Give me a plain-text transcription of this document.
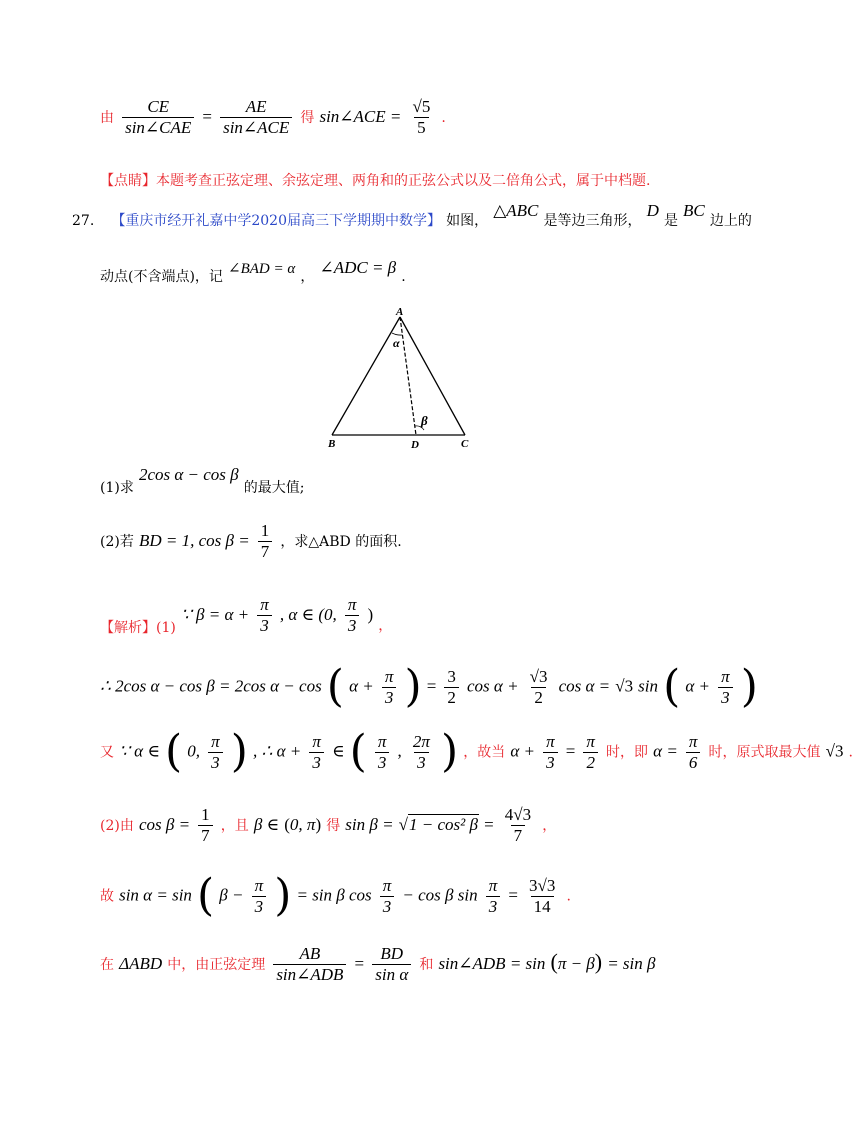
由 $\frac{CE}{\text{sin∠CAE}} = \frac{AE}{\text{sin∠ACE}}$ 得 sin∠ACE = $\frac{√5}{5}$ .
【点睛】本题考查正弦定理、余弦定理、两角和的正弦公式以及二倍角公式，属于中档题.
27. 【重庆市经开礼嘉中学2020届高三下学期期中数学】 如图， △ABC 是等边三角形， D 是 BC 边上的
动点(不含端点)，记 ∠BAD = α ， ∠ADC = β .
A
B	C
D
α
β
(1)求 2cos α − cos β 的最大值;
(2)若 BD = 1, $\cos \beta = \frac{1}{7}$ ，求△ABD 的面积.
【解析】(1) ∵ $\beta = \alpha + \frac{\pi}{3}$ , α ∈ (0, $\frac{\pi}{3}$ ) ，
∴ 2cos α − cos β = 2cos α − cos ( $\alpha + \frac{\pi}{3}$ ) = $\frac{3}{2}$ $\cos \alpha + \frac{√3}{2}$ cos α = √3 sin ( $\alpha + \frac{\pi}{3}$ )
又 ∵ α ∈ ( 0, $\frac{\pi}{3}$ ) , ∴ $\alpha + \frac{\pi}{3}$ ∈ ( $\frac{\pi}{3}$ , $\frac{2\pi}{3}$ ) ，故当 $\alpha + \frac{\pi}{3} = \frac{\pi}{2}$ 时，即 $\alpha = \frac{\pi}{6}$ 时，原式取最大值 √3 .
(2)由 $\cos \beta = \frac{1}{7}$ ，且 β ∈ (0, π) 得 sin β = √ 1 − cos² $\beta = \frac{4√3}{7}$ ，
故 sin α = sin ( $\beta - \frac{\pi}{3}$ ) = sin β $\cos \frac{\pi}{3} - \cos \beta$ $\sin \frac{\pi}{3} = \frac{3√3}{14}$ .
在 ΔABD 中，由正弦定理 $\frac{AB}{\text{sin∠ADB}} = \frac{BD}{\text{sin α}}$ 和 sin∠ADB = sin (π − β) = sin β
